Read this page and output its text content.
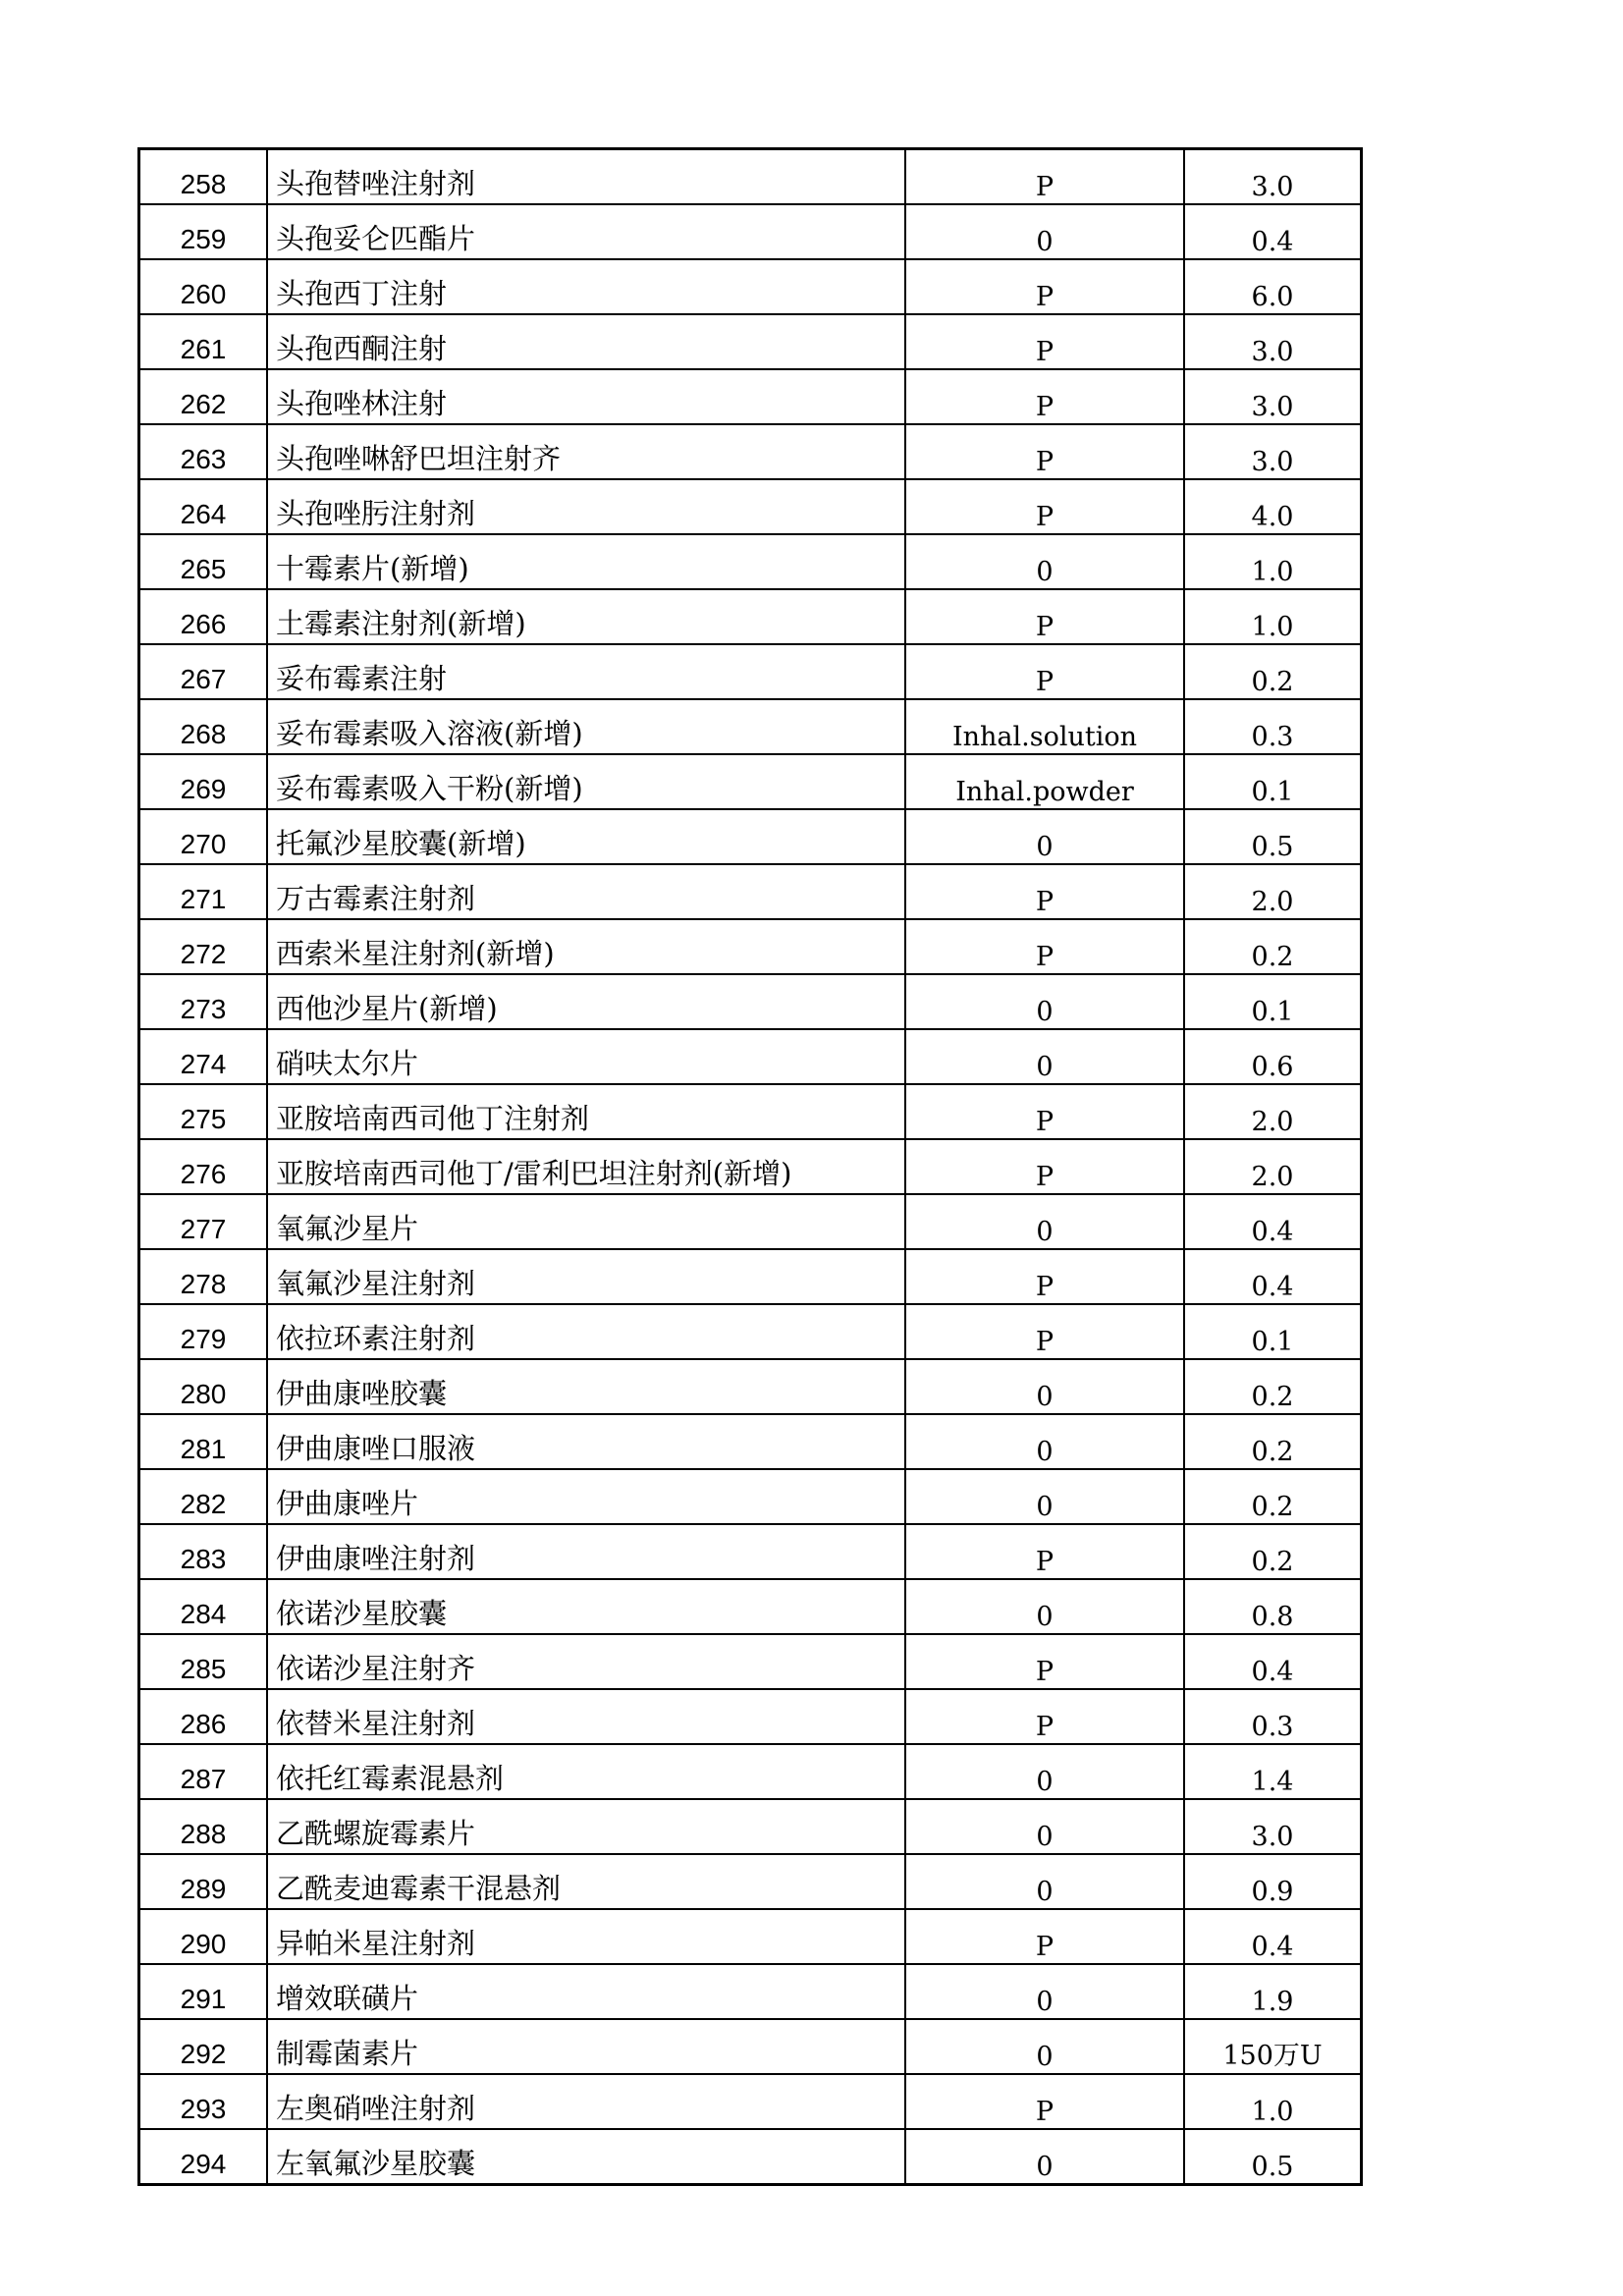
258	头孢替唑注射剂	P	3.0
259	头孢妥仑匹酯片	0	0.4
260	头孢西丁注射	P	6.0
261	头孢西酮注射	P	3.0
262	头孢唑林注射	P	3.0
263	头孢唑啉舒巴坦注射齐	P	3.0
264	头孢唑肟注射剂	P	4.0
265	十霉素片(新增)	0	1.0
266	土霉素注射剂(新增)	P	1.0
267	妥布霉素注射	P	0.2
268	妥布霉素吸入溶液(新增)	Inhal.solution	0.3
269	妥布霉素吸入干粉(新增)	Inhal.powder	0.1
270	托氟沙星胶囊(新增)	0	0.5
271	万古霉素注射剂	P	2.0
272	西索米星注射剂(新增)	P	0.2
273	西他沙星片(新增)	0	0.1
274	硝呋太尔片	0	0.6
275	亚胺培南西司他丁注射剂	P	2.0
276	亚胺培南西司他丁/雷利巴坦注射剂(新增)	P	2.0
277	氧氟沙星片	0	0.4
278	氧氟沙星注射剂	P	0.4
279	依拉环素注射剂	P	0.1
280	伊曲康唑胶囊	0	0.2
281	伊曲康唑口服液	0	0.2
282	伊曲康唑片	0	0.2
283	伊曲康唑注射剂	P	0.2
284	依诺沙星胶囊	0	0.8
285	依诺沙星注射齐	P	0.4
286	依替米星注射剂	P	0.3
287	依托红霉素混悬剂	0	1.4
288	乙酰螺旋霉素片	0	3.0
289	乙酰麦迪霉素干混悬剂	0	0.9
290	异帕米星注射剂	P	0.4
291	增效联磺片	0	1.9
292	制霉菌素片	0	150万U
293	左奥硝唑注射剂	P	1.0
294	左氧氟沙星胶囊	0	0.5
